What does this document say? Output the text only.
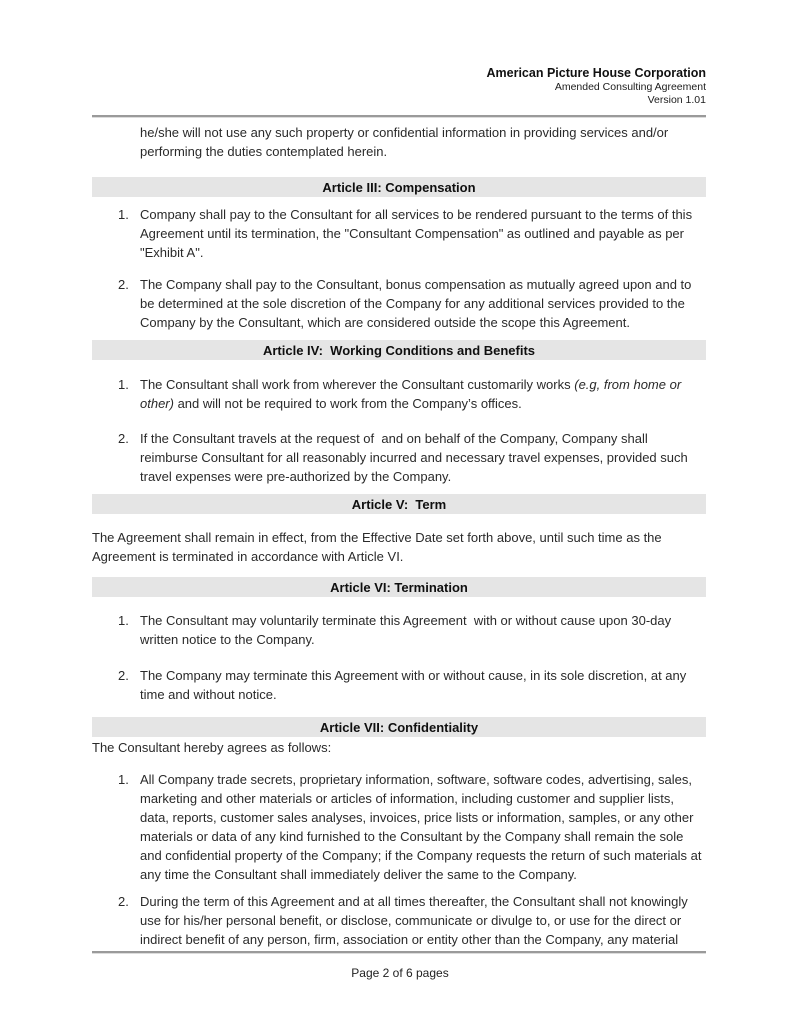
American Picture House Corporation
Amended Consulting Agreement
Version 1.01

he/she will not use any such property or confidential information in providing services and/or performing the duties contemplated herein.

Article III: Compensation
1. Company shall pay to the Consultant for all services to be rendered pursuant to the terms of this Agreement until its termination, the "Consultant Compensation" as outlined and payable as per "Exhibit A".
2. The Company shall pay to the Consultant, bonus compensation as mutually agreed upon and to be determined at the sole discretion of the Company for any additional services provided to the Company by the Consultant, which are considered outside the scope this Agreement.
Article IV:  Working Conditions and Benefits
1. The Consultant shall work from wherever the Consultant customarily works (e.g, from home or other) and will not be required to work from the Company’s offices.
2. If the Consultant travels at the request of  and on behalf of the Company, Company shall reimburse Consultant for all reasonably incurred and necessary travel expenses, provided such travel expenses were pre-authorized by the Company.
Article V:  Term

The Agreement shall remain in effect, from the Effective Date set forth above, until such time as the Agreement is terminated in accordance with Article VI.

Article VI: Termination
1. The Consultant may voluntarily terminate this Agreement  with or without cause upon 30-day written notice to the Company.
2. The Company may terminate this Agreement with or without cause, in its sole discretion, at any time and without notice.
Article VII: Confidentiality

The Consultant hereby agrees as follows:

1. All Company trade secrets, proprietary information, software, software codes, advertising, sales, marketing and other materials or articles of information, including customer and supplier lists, data, reports, customer sales analyses, invoices, price lists or information, samples, or any other materials or data of any kind furnished to the Consultant by the Company shall remain the sole and confidential property of the Company; if the Company requests the return of such materials at any time the Consultant shall immediately deliver the same to the Company.
2. During the term of this Agreement and at all times thereafter, the Consultant shall not knowingly use for his/her personal benefit, or disclose, communicate or divulge to, or use for the direct or indirect benefit of any person, firm, association or entity other than the Company, any material
Page 2 of 6 pages
